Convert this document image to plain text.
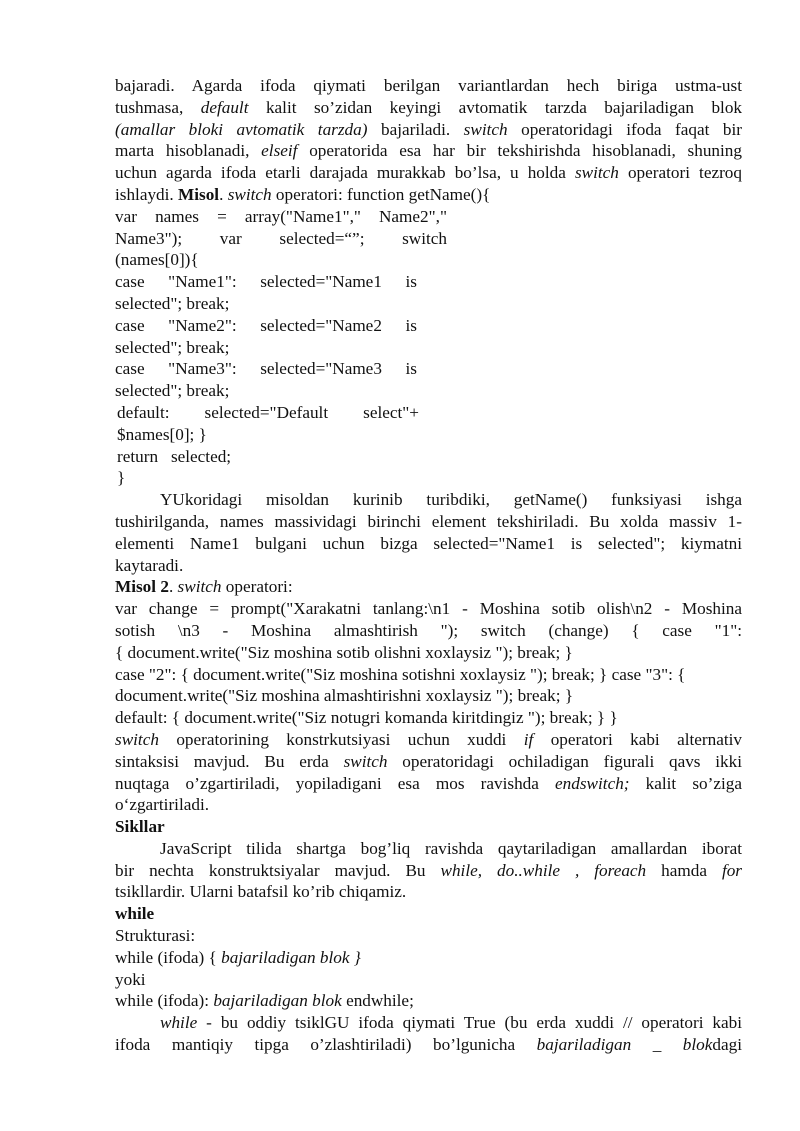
bajaradi. Agarda ifoda qiymati berilgan variantlardan hech biriga ustma-ust
tushmasa, default kalit so’zidan keyingi avtomatik tarzda bajariladigan blok
(amallar bloki avtomatik tarzda) bajariladi. switch operatoridagi ifoda faqat bir
marta hisoblanadi, elseif operatorida esa har bir tekshirishda hisoblanadi, shuning
uchun agarda ifoda etarli darajada murakkab bo’lsa, u holda switch operatori tezroq
ishlaydi. Misol. switch operatori: function getName(){
var names = array("Name1"," Name2","
Name3"); var selected=“”; switch
(names[0]){
case "Name1": selected="Name1 is
selected"; break;
case "Name2": selected="Name2 is
selected"; break;
case "Name3": selected="Name3 is
selected"; break;
default: selected="Default select"+
$names[0]; }
return selected;
}
YUkoridagi misoldan kurinib turibdiki, getName() funksiyasi ishga
tushirilganda, names massividagi birinchi element tekshiriladi. Bu xolda massiv 1-
elementi Name1 bulgani uchun bizga selected="Name1 is selected"; kiymatni
kaytaradi.
Misol 2. switch operatori:
var change = prompt("Xarakatni tanlang:\n1 - Moshina sotib olish\n2 - Moshina
sotish \n3 - Moshina almashtirish "); switch (change) { case "1":
{ document.write("Siz moshina sotib olishni xoxlaysiz "); break; }
case "2": { document.write("Siz moshina sotishni xoxlaysiz "); break; } case "3": {
document.write("Siz moshina almashtirishni xoxlaysiz "); break; }
default: { document.write("Siz notugri komanda kiritdingiz "); break; } }
switch operatorining konstrkutsiyasi uchun xuddi if operatori kabi alternativ
sintaksisi mavjud. Bu erda switch operatoridagi ochiladigan figurali qavs ikki
nuqtaga o’zgartiriladi, yopiladigani esa mos ravishda endswitch; kalit so’ziga
o‘zgartiriladi.
Sikllar
JavaScript tilida shartga bog’liq ravishda qaytariladigan amallardan iborat
bir nechta konstruktsiyalar mavjud. Bu while, do..while , foreach hamda for
tsikllardir. Ularni batafsil ko’rib chiqamiz.
while
Strukturasi:
while (ifoda) { bajariladigan blok }
yoki
while (ifoda): bajariladigan blok endwhile;
while - bu oddiy tsiklGU ifoda qiymati True (bu erda xuddi // operatori kabi
ifoda mantiqiy tipga o’zlashtiriladi) bo’lgunicha bajariladigan _ blokdagi
